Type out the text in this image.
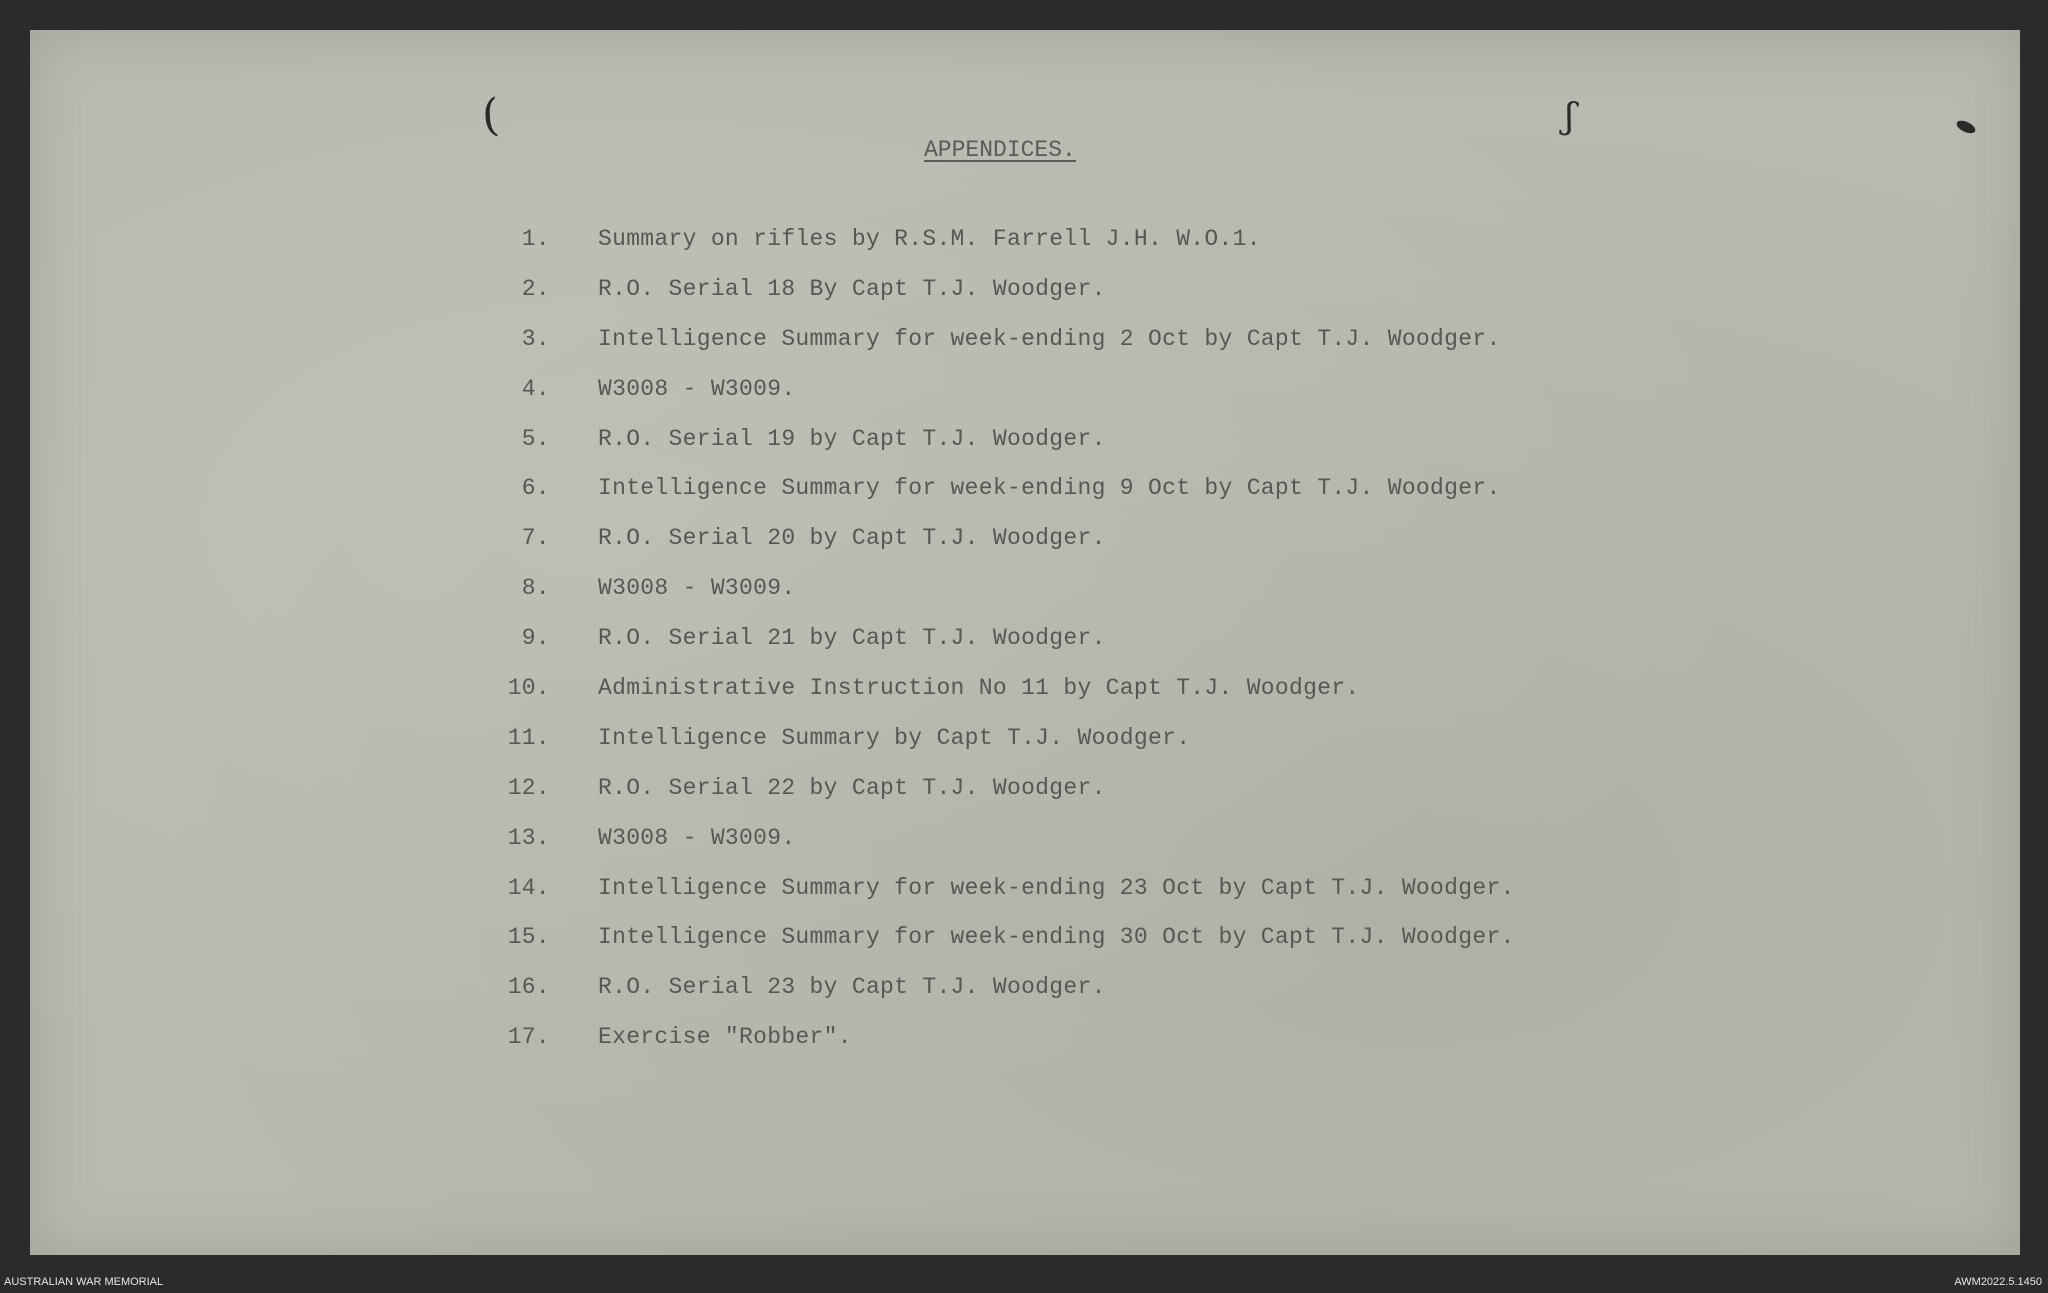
(	ʃ
APPENDICES.
1.	Summary on rifles by R.S.M. Farrell J.H. W.O.1.
2.	R.O. Serial 18 By Capt T.J. Woodger.
3.	Intelligence Summary for week-ending 2 Oct by Capt T.J. Woodger.
4.	W3008 - W3009.
5.	R.O. Serial 19 by Capt T.J. Woodger.
6.	Intelligence Summary for week-ending 9 Oct by Capt T.J. Woodger.
7.	R.O. Serial 20 by Capt T.J. Woodger.
8.	W3008 - W3009.
9.	R.O. Serial 21 by Capt T.J. Woodger.
10.	Administrative Instruction No 11 by Capt T.J. Woodger.
11.	Intelligence Summary by Capt T.J. Woodger.
12.	R.O. Serial 22 by Capt T.J. Woodger.
13.	W3008 - W3009.
14.	Intelligence Summary for week-ending 23 Oct by Capt T.J. Woodger.
15.	Intelligence Summary for week-ending 30 Oct by Capt T.J. Woodger.
16.	R.O. Serial 23 by Capt T.J. Woodger.
17.	Exercise "Robber".
AUSTRALIAN WAR MEMORIAL	AWM2022.5.1450
